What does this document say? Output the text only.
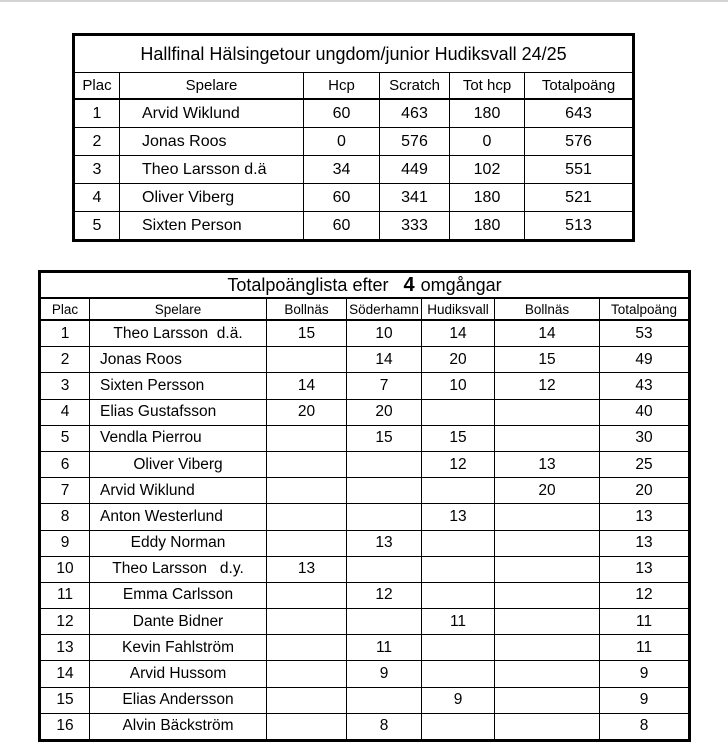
Hallfinal Hälsingetour ungdom/junior Hudiksvall 24/25					
Plac	Spelare	Hcp	Scratch	Tot hcp	Totalpoäng
1	Arvid Wiklund	60	463	180	643
2	Jonas Roos	0	576	0	576
3	Theo Larsson d.ä	34	449	102	551
4	Oliver Viberg	60	341	180	521
5	Sixten Person	60	333	180	513
Totalpoänglista efter 4 omgångar						
Plac	Spelare	Bollnäs	Söderhamn	Hudiksvall	Bollnäs	Totalpoäng
1	Theo Larsson  d.ä.	15	10	14	14	53
2	Jonas Roos		14	20	15	49
3	Sixten Persson	14	7	10	12	43
4	Elias Gustafsson	20	20			40
5	Vendla Pierrou		15	15		30
6	Oliver Viberg			12	13	25
7	Arvid Wiklund				20	20
8	Anton Westerlund			13		13
9	Eddy Norman		13			13
10	Theo Larsson   d.y.	13				13
11	Emma Carlsson		12			12
12	Dante Bidner			11		11
13	Kevin Fahlström		11			11
14	Arvid Hussom		9			9
15	Elias Andersson			9		9
16	Alvin Bäckström		8			8
